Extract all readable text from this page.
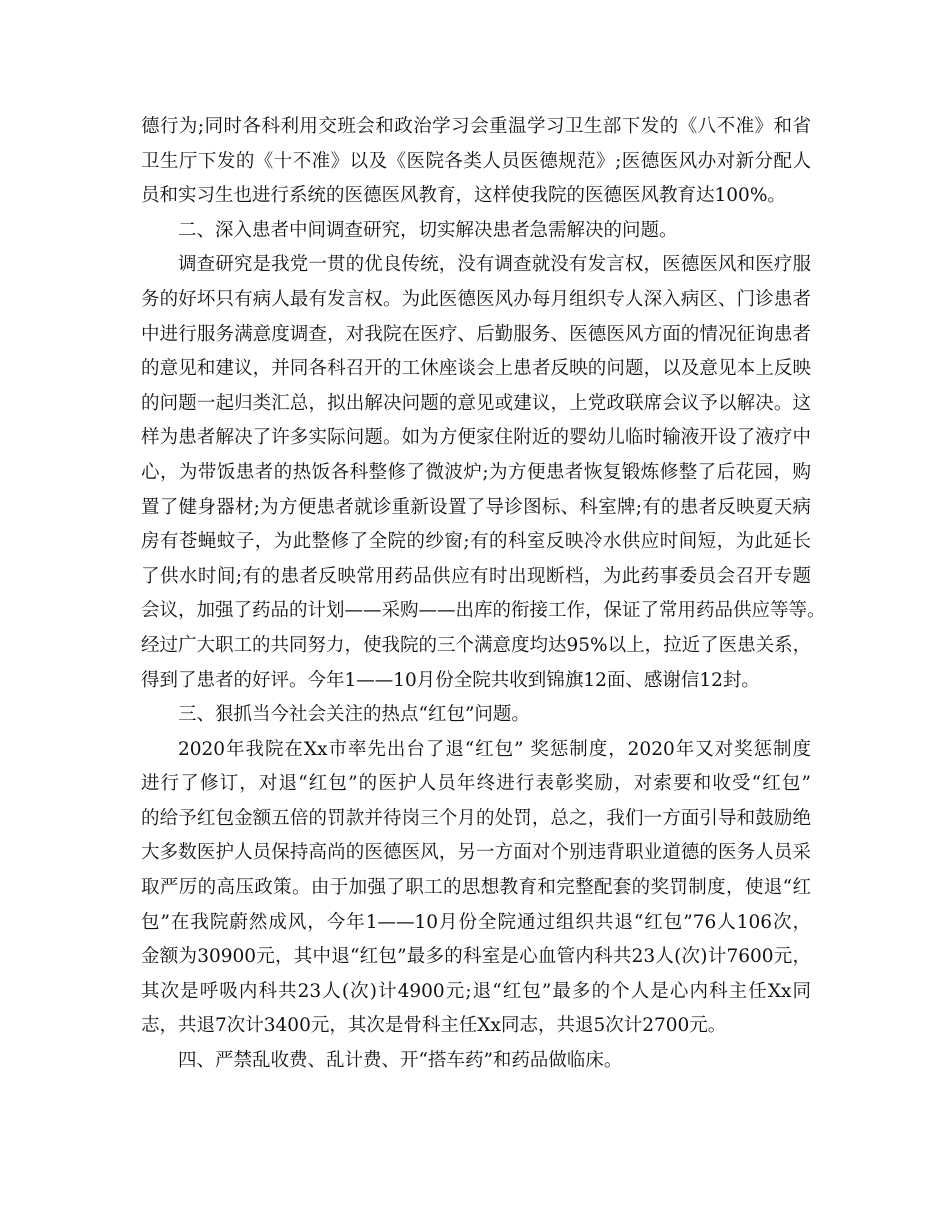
德行为;同时各科利用交班会和政治学习会重温学习卫生部下发的《八不准》和省
卫生厅下发的《十不准》以及《医院各类人员医德规范》;医德医风办对新分配人
员和实习生也进行系统的医德医风教育，这样使我院的医德医风教育达100%。
二、深入患者中间调查研究，切实解决患者急需解决的问题。
调查研究是我党一贯的优良传统，没有调查就没有发言权，医德医风和医疗服
务的好坏只有病人最有发言权。为此医德医风办每月组织专人深入病区、门诊患者
中进行服务满意度调查，对我院在医疗、后勤服务、医德医风方面的情况征询患者
的意见和建议，并同各科召开的工休座谈会上患者反映的问题，以及意见本上反映
的问题一起归类汇总，拟出解决问题的意见或建议，上党政联席会议予以解决。这
样为患者解决了许多实际问题。如为方便家住附近的婴幼儿临时输液开设了液疗中
心，为带饭患者的热饭各科整修了微波炉;为方便患者恢复锻炼修整了后花园，购
置了健身器材;为方便患者就诊重新设置了导诊图标、科室牌;有的患者反映夏天病
房有苍蝇蚊子，为此整修了全院的纱窗;有的科室反映冷水供应时间短，为此延长
了供水时间;有的患者反映常用药品供应有时出现断档，为此药事委员会召开专题
会议，加强了药品的计划——采购——出库的衔接工作，保证了常用药品供应等等。
经过广大职工的共同努力，使我院的三个满意度均达95%以上，拉近了医患关系，
得到了患者的好评。今年1——10月份全院共收到锦旗12面、感谢信12封。
三、狠抓当今社会关注的热点“红包”问题。
2020年我院在Xx市率先出台了退“红包” 奖惩制度，2020年又对奖惩制度
进行了修订，对退“红包”的医护人员年终进行表彰奖励，对索要和收受“红包”
的给予红包金额五倍的罚款并待岗三个月的处罚，总之，我们一方面引导和鼓励绝
大多数医护人员保持高尚的医德医风，另一方面对个别违背职业道德的医务人员采
取严厉的高压政策。由于加强了职工的思想教育和完整配套的奖罚制度，使退“红
包”在我院蔚然成风，今年1——10月份全院通过组织共退“红包”76人106次，
金额为30900元，其中退“红包”最多的科室是心血管内科共23人(次)计7600元，
其次是呼吸内科共23人(次)计4900元;退“红包”最多的个人是心内科主任Xx同
志，共退7次计3400元，其次是骨科主任Xx同志，共退5次计2700元。
四、严禁乱收费、乱计费、开“搭车药”和药品做临床。
